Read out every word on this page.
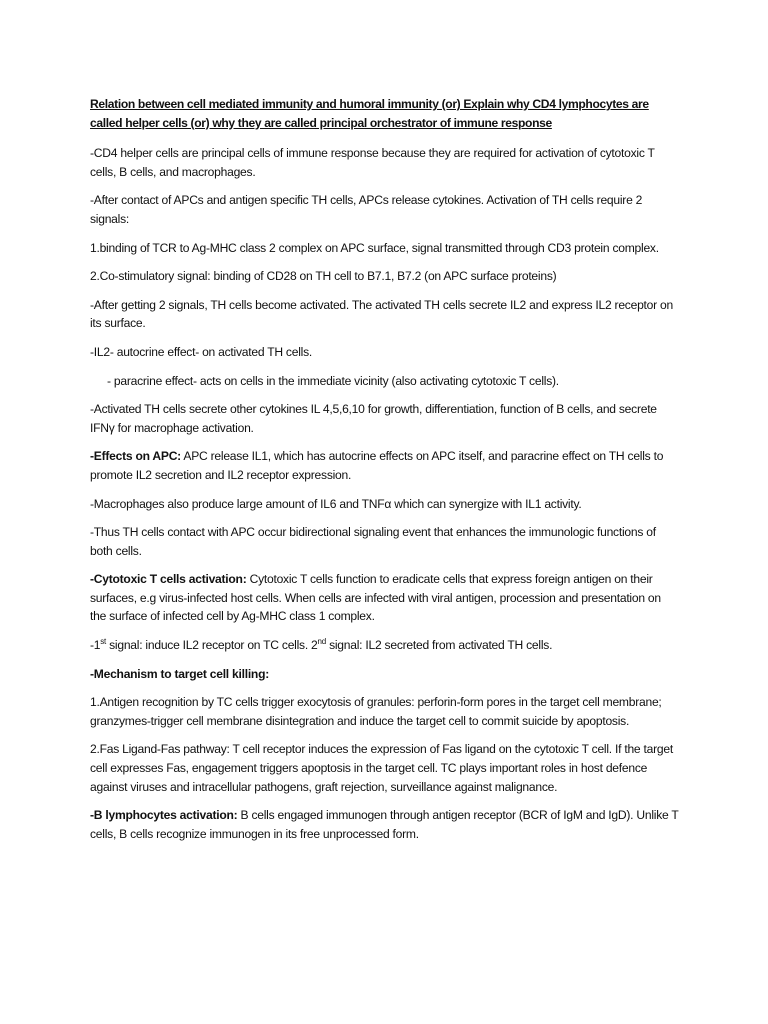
Relation between cell mediated immunity and humoral immunity (or) Explain why CD4 lymphocytes are called helper cells (or) why they are called principal orchestrator of immune response
-CD4 helper cells are principal cells of immune response because they are required for activation of cytotoxic T cells, B cells, and macrophages.
-After contact of APCs and antigen specific TH cells, APCs release cytokines. Activation of TH cells require 2 signals:
1.binding of TCR to Ag-MHC class 2 complex on APC surface, signal transmitted through CD3 protein complex.
2.Co-stimulatory signal: binding of CD28 on TH cell to B7.1, B7.2 (on APC surface proteins)
-After getting 2 signals, TH cells become activated. The activated TH cells secrete IL2 and express IL2 receptor on its surface.
-IL2- autocrine effect- on activated TH cells.
- paracrine effect- acts on cells in the immediate vicinity (also activating cytotoxic T cells).
-Activated TH cells secrete other cytokines IL 4,5,6,10 for growth, differentiation, function of B cells, and secrete IFNγ for macrophage activation.
-Effects on APC: APC release IL1, which has autocrine effects on APC itself, and paracrine effect on TH cells to promote IL2 secretion and IL2 receptor expression.
-Macrophages also produce large amount of IL6 and TNFα which can synergize with IL1 activity.
-Thus TH cells contact with APC occur bidirectional signaling event that enhances the immunologic functions of both cells.
-Cytotoxic T cells activation: Cytotoxic T cells function to eradicate cells that express foreign antigen on their surfaces, e.g virus-infected host cells. When cells are infected with viral antigen, procession and presentation on the surface of infected cell by Ag-MHC class 1 complex.
-1st signal: induce IL2 receptor on TC cells. 2nd signal: IL2 secreted from activated TH cells.
-Mechanism to target cell killing:
1.Antigen recognition by TC cells trigger exocytosis of granules: perforin-form pores in the target cell membrane; granzymes-trigger cell membrane disintegration and induce the target cell to commit suicide by apoptosis.
2.Fas Ligand-Fas pathway: T cell receptor induces the expression of Fas ligand on the cytotoxic T cell. If the target cell expresses Fas, engagement triggers apoptosis in the target cell. TC plays important roles in host defence against viruses and intracellular pathogens, graft rejection, surveillance against malignance.
-B lymphocytes activation: B cells engaged immunogen through antigen receptor (BCR of IgM and IgD). Unlike T cells, B cells recognize immunogen in its free unprocessed form.
